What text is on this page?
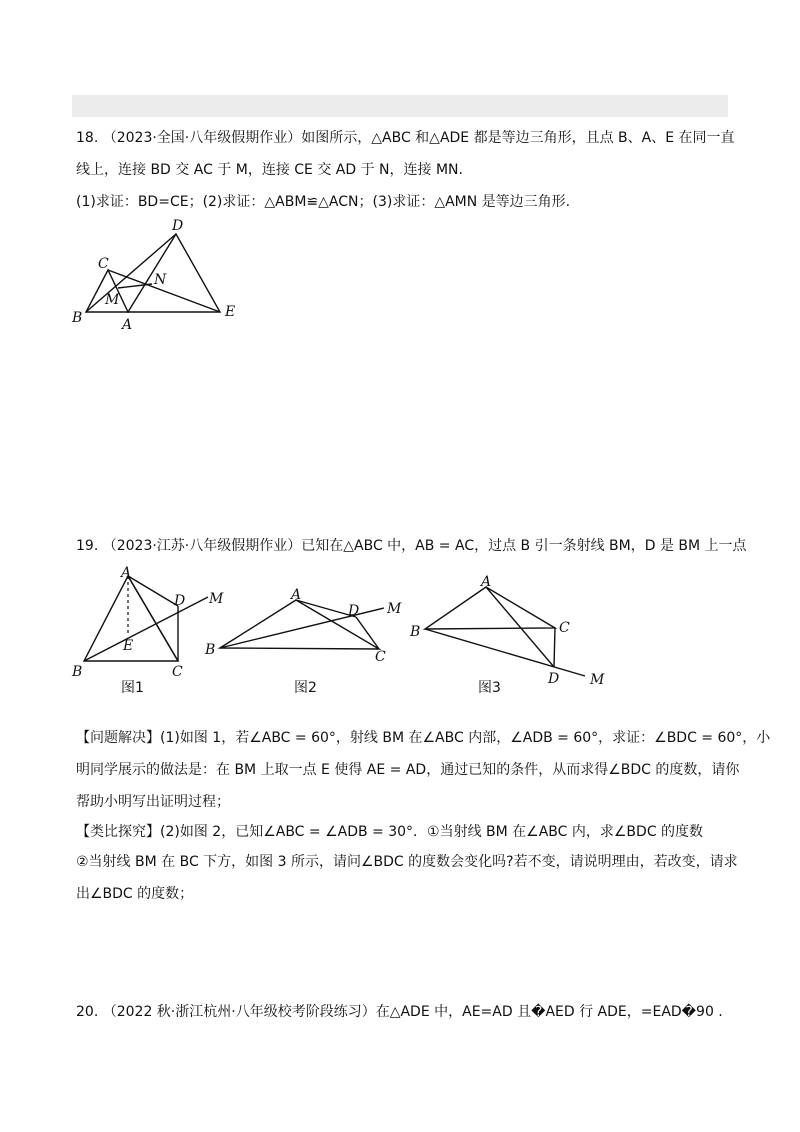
18. （2023·全国·八年级假期作业）如图所示，△ABC 和△ADE 都是等边三角形，且点 B、A、E 在同一直
线上，连接 BD 交 AC 于 M，连接 CE 交 AD 于 N，连接 MN.
(1)求证：BD=CE；(2)求证：△ABM≌△ACN；(3)求证：△AMN 是等边三角形.
D
C
N
M
B	A
E
19. （2023·江苏·八年级假期作业）已知在△ABC 中，AB = AC，过点 B 引一条射线 BM，D 是 BM 上一点
A
D M
E
B	C
图1
A
D M
B	C
图2
A
B	C
D M
图3
【问题解决】(1)如图 1，若∠ABC = 60°，射线 BM 在∠ABC 内部，∠ADB = 60°，求证：∠BDC = 60°，小
明同学展示的做法是：在 BM 上取一点 E 使得 AE = AD，通过已知的条件，从而求得∠BDC 的度数，请你
帮助小明写出证明过程；
【类比探究】(2)如图 2，已知∠ABC = ∠ADB = 30°．①当射线 BM 在∠ABC 内，求∠BDC 的度数
②当射线 BM 在 BC 下方，如图 3 所示，请问∠BDC 的度数会变化吗?若不变，请说明理由，若改变，请求
出∠BDC 的度数；
20. （2022 秋·浙江杭州·八年级校考阶段练习）在△ADE 中，AE=AD 且�AED 行 ADE，=EAD�90 .
